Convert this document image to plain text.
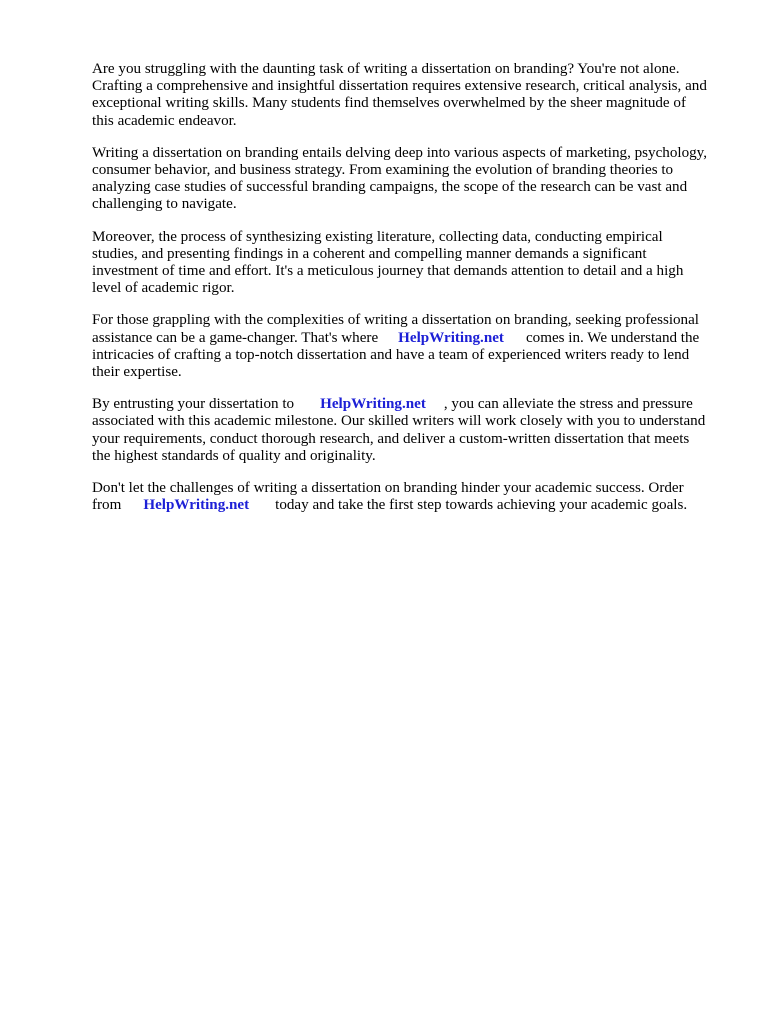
Are you struggling with the daunting task of writing a dissertation on branding? You're not alone.
Crafting a comprehensive and insightful dissertation requires extensive research, critical analysis, and
exceptional writing skills. Many students find themselves overwhelmed by the sheer magnitude of
this academic endeavor.

Writing a dissertation on branding entails delving deep into various aspects of marketing, psychology,
consumer behavior, and business strategy. From examining the evolution of branding theories to
analyzing case studies of successful branding campaigns, the scope of the research can be vast and
challenging to navigate.

Moreover, the process of synthesizing existing literature, collecting data, conducting empirical
studies, and presenting findings in a coherent and compelling manner demands a significant
investment of time and effort. It's a meticulous journey that demands attention to detail and a high
level of academic rigor.

For those grappling with the complexities of writing a dissertation on branding, seeking professional
assistance can be a game-changer. That's where HelpWriting.net comes in. We understand the
intricacies of crafting a top-notch dissertation and have a team of experienced writers ready to lend
their expertise.

By entrusting your dissertation to HelpWriting.net , you can alleviate the stress and pressure
associated with this academic milestone. Our skilled writers will work closely with you to understand
your requirements, conduct thorough research, and deliver a custom-written dissertation that meets
the highest standards of quality and originality.

Don't let the challenges of writing a dissertation on branding hinder your academic success. Order
from HelpWriting.net today and take the first step towards achieving your academic goals.
